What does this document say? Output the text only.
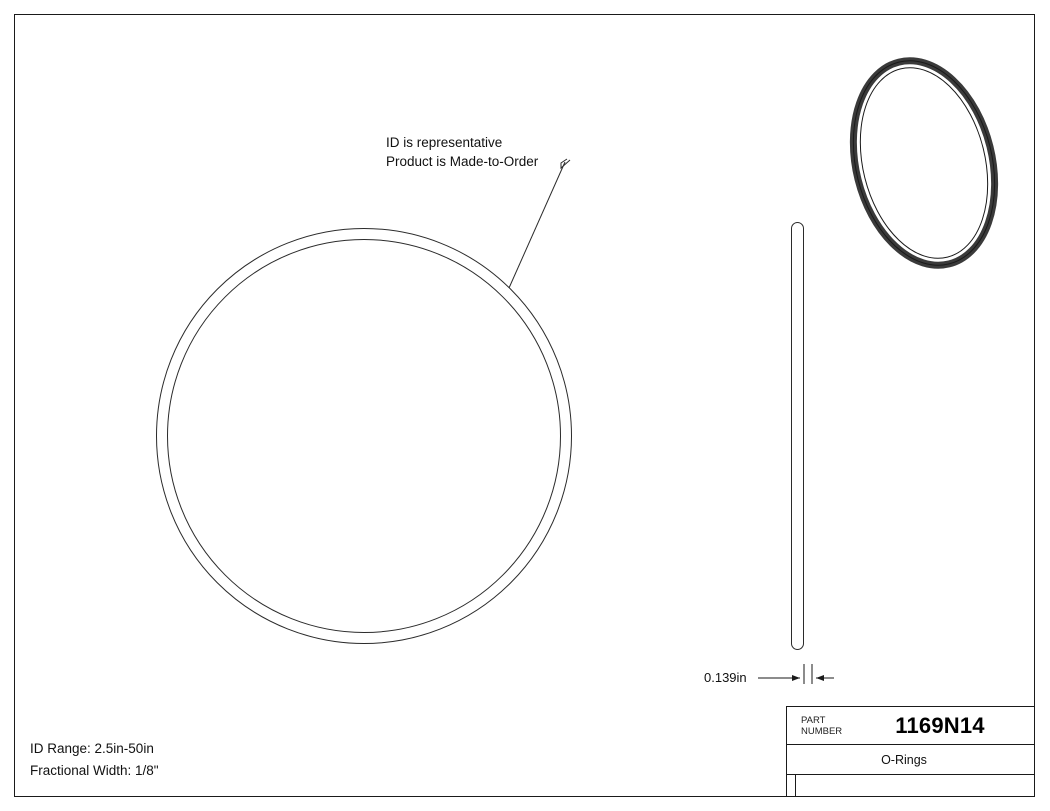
ID is representative
Product is Made-to-Order
0.139in
ID Range: 2.5in-50in
Fractional Width: 1/8"
PART
NUMBER	1169N14
O-Rings
